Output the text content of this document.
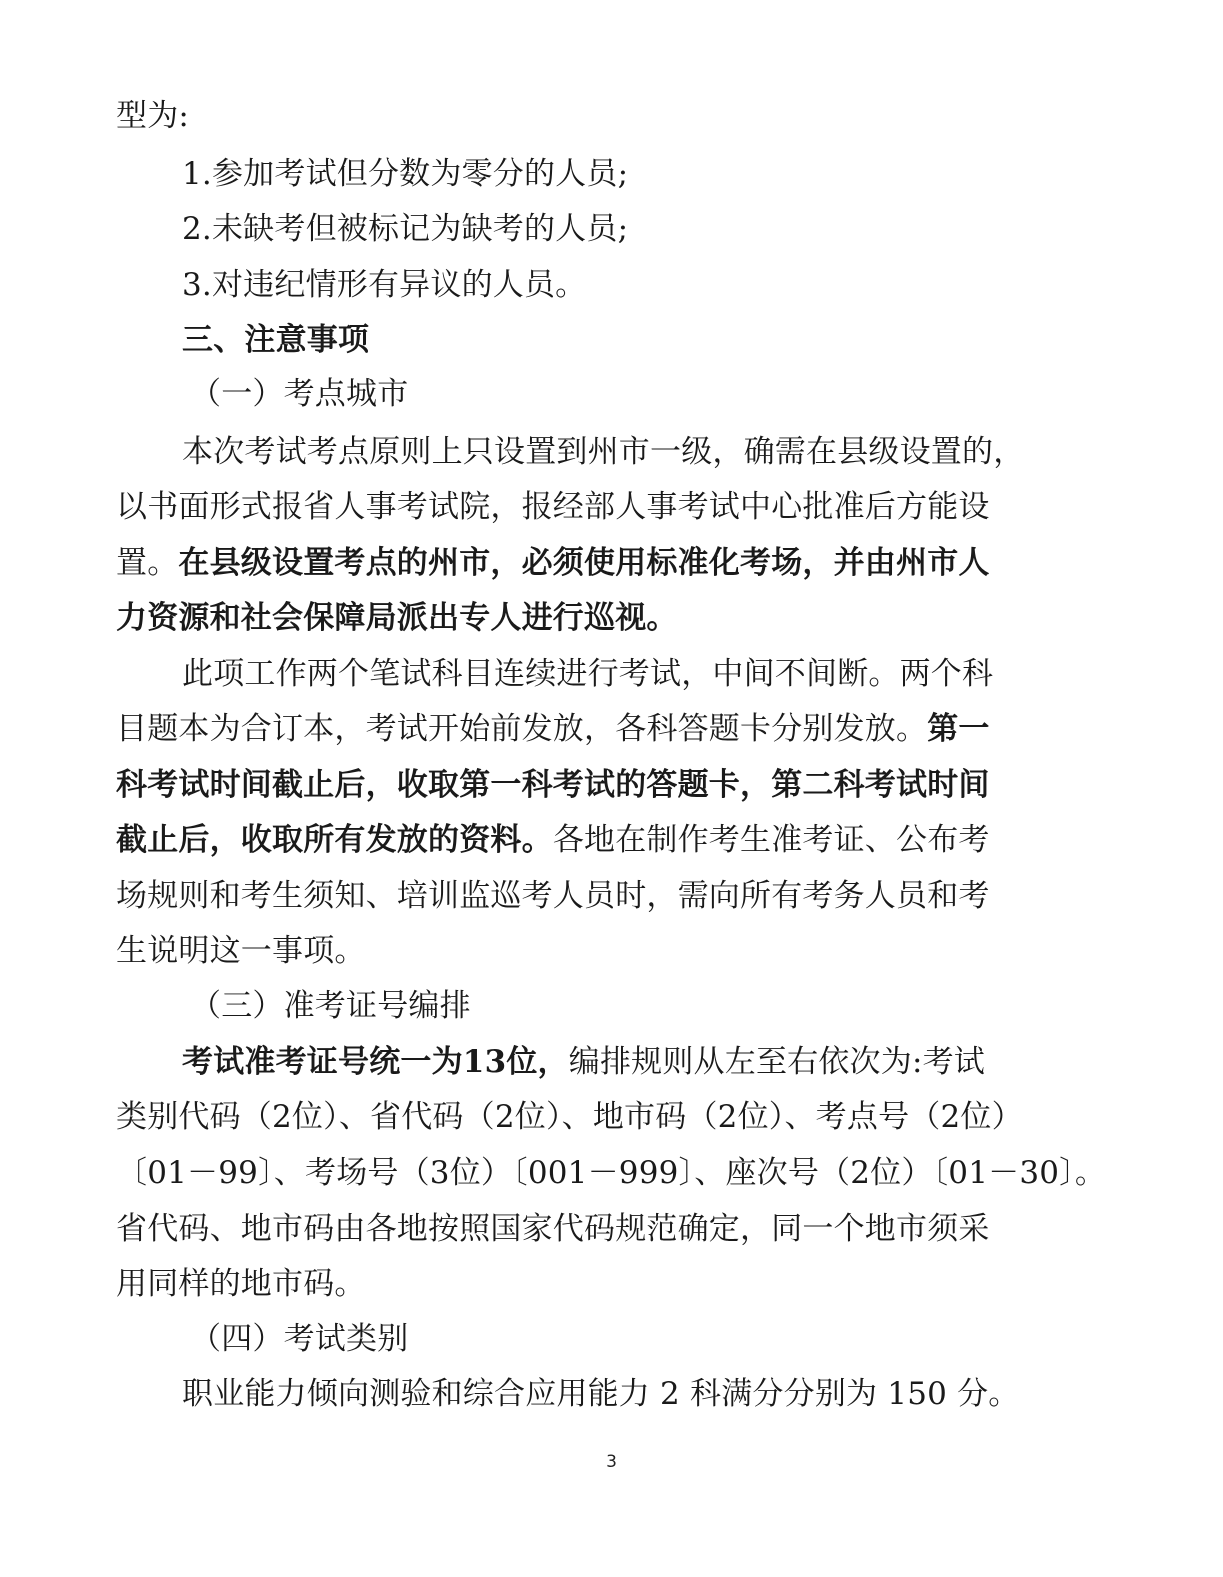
型为:
1.参加考试但分数为零分的人员;
2.未缺考但被标记为缺考的人员;
3.对违纪情形有异议的人员。
三、注意事项
（一）考点城市
本次考试考点原则上只设置到州市一级，确需在县级设置的，
以书面形式报省人事考试院，报经部人事考试中心批准后方能设
置。在县级设置考点的州市，必须使用标准化考场，并由州市人
力资源和社会保障局派出专人进行巡视。
此项工作两个笔试科目连续进行考试，中间不间断。两个科
目题本为合订本，考试开始前发放，各科答题卡分别发放。第一
科考试时间截止后，收取第一科考试的答题卡，第二科考试时间
截止后，收取所有发放的资料。各地在制作考生准考证、公布考
场规则和考生须知、培训监巡考人员时，需向所有考务人员和考
生说明这一事项。
（三）准考证号编排
考试准考证号统一为13位，编排规则从左至右依次为:考试
类别代码（2位）、省代码（2位）、地市码（2位）、考点号（2位）
〔01－99〕、考场号（3位）〔001－999〕、座次号（2位）〔01－30〕。
省代码、地市码由各地按照国家代码规范确定，同一个地市须采
用同样的地市码。
（四）考试类别
职业能力倾向测验和综合应用能力 2 科满分分别为 150 分。
3
